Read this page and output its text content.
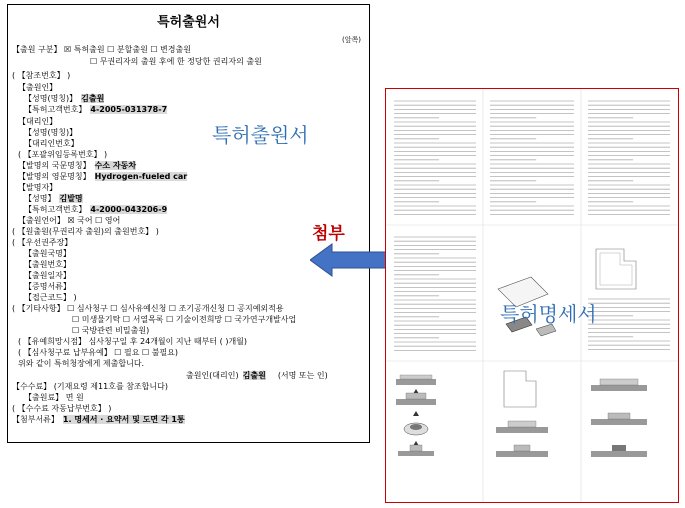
특허출원서
(앞쪽)
【출원 구분】 ☒ 특허출원 ☐ 분할출원 ☐ 변경출원
☐ 무권리자의 출원 후에 한 정당한 권리자의 출원
( 【참조번호】 )
【출원인】
【성명(명칭)】 김출원
【특허고객번호】 4-2005-031378-7
【대리인】
【성명(명칭)】
【대리인번호】
( 【포괄위임등록번호】 )
【발명의 국문명칭】 수소 자동차
【발명의 영문명칭】 Hydrogen-fueled car
【발명자】
【성명】 김발명
【특허고객번호】 4-2000-043206-9
【출원언어】 ☒ 국어 ☐ 영어
( 【원출원(무권리자 출원)의 출원번호】 )
( 【우선권주장】
【출원국명】
【출원번호】
【출원일자】
【증명서류】
【접근코드】 )
( 【기타사항】 ☐ 심사청구 ☐ 심사유예신청 ☐ 조기공개신청 ☐ 공지예외적용
☐ 미생물기탁 ☐ 서열목록 ☐ 기술이전희망 ☐ 국가연구개발사업
☐ 국방관련 비밀출원)
( 【유예희망시점】 심사청구일 후 24개월이 지난 때부터 ( )개월)
( 【심사청구료 납부유예】 ☐ 필요 ☐ 불필요)
위와 같이 특허청장에게 제출합니다.
출원인(대리인) 김출원 (서명 또는 인)
【수수료】 (기재요령 제11호를 참조합니다)
【출원료】 면 원
( 【수수료 자동납부번호】 )
【첨부서류】 1. 명세서 · 요약서 및 도면 각 1통
특허출원서
첨부
특허명세서
